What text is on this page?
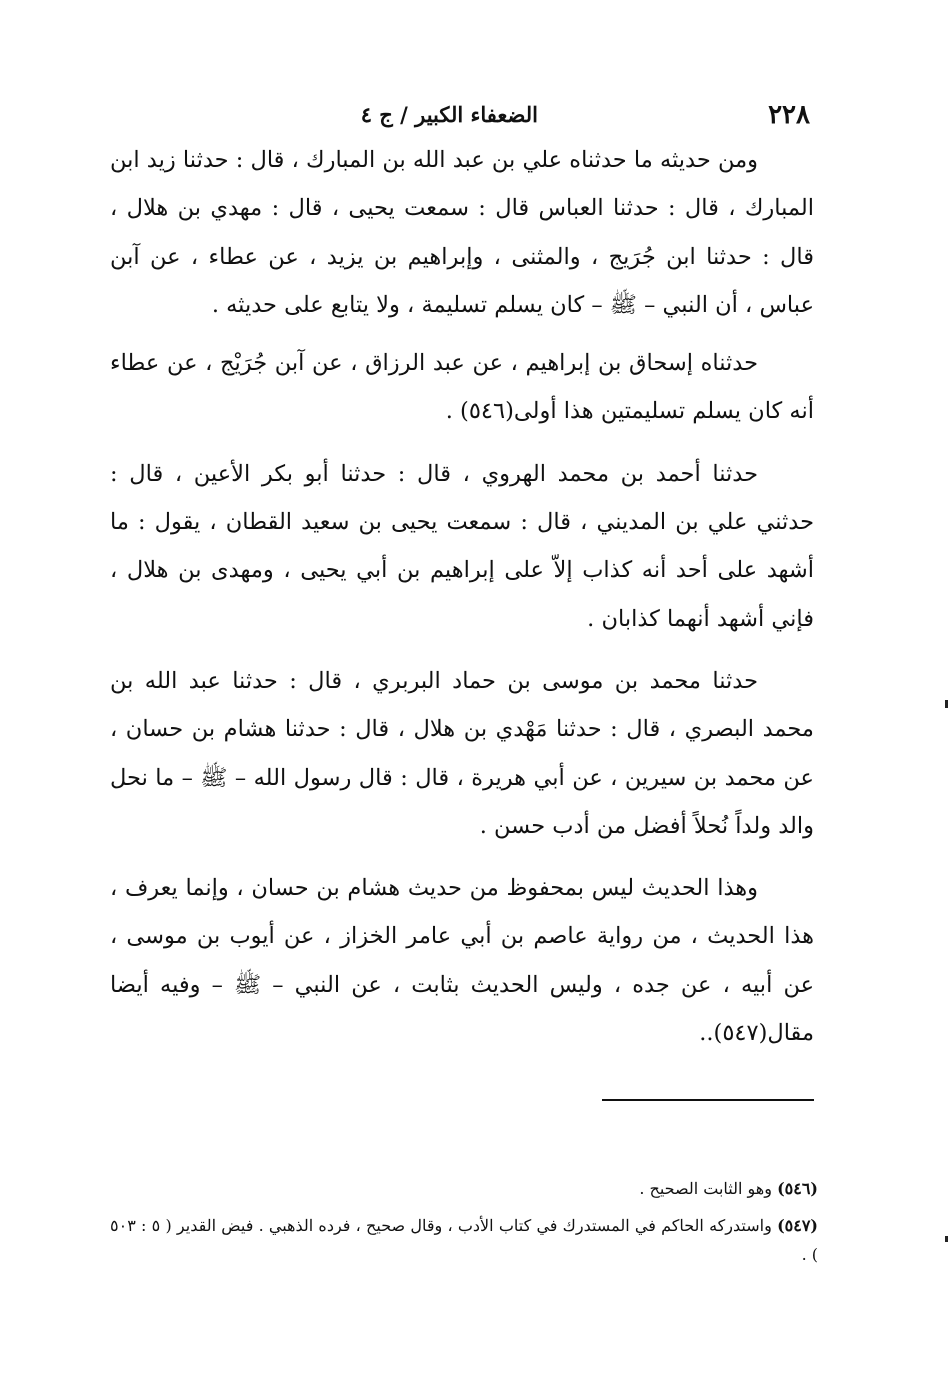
٢٢٨
الضعفاء الكبير / ج ٤

ومن حديثه ما حدثناه علي بن عبد الله بن المبارك ، قال : حدثنا زيد ابن المبارك ، قال : حدثنا العباس قال : سمعت يحيى ، قال : مهدي بن هلال ، قال : حدثنا ابن جُرَيج ، والمثنى ، وإبراهيم بن يزيد ، عن عطاء ، عن آبن عباس ، أن النبي – ﷺ – كان يسلم تسليمة ، ولا يتابع على حديثه .

حدثناه إسحاق بن إبراهيم ، عن عبد الرزاق ، عن آبن جُرَيْج ، عن عطاء أنه كان يسلم تسليمتين هذا أولى(٥٤٦) .

حدثنا أحمد بن محمد الهروي ، قال : حدثنا أبو بكر الأعين ، قال : حدثني علي بن المديني ، قال : سمعت يحيى بن سعيد القطان ، يقول : ما أشهد على أحد أنه كذاب إلاّ على إبراهيم بن أبي يحيى ، ومهدى بن هلال ، فإني أشهد أنهما كذابان .

حدثنا محمد بن موسى بن حماد البربري ، قال : حدثنا عبد الله بن محمد البصري ، قال : حدثنا مَهْدي بن هلال ، قال : حدثنا هشام بن حسان ، عن محمد بن سيرين ، عن أبي هريرة ، قال : قال رسول الله – ﷺ – ما نحل والد ولداً نُحلاً أفضل من أدب حسن .

وهذا الحديث ليس بمحفوظ من حديث هشام بن حسان ، وإنما يعرف ، هذا الحديث ، من رواية عاصم بن أبي عامر الخزاز ، عن أيوب بن موسى ، عن أبيه ، عن جده ، وليس الحديث بثابت ، عن النبي – ﷺ – وفيه أيضا مقال(٥٤٧)..

(٥٤٦) وهو الثابت الصحيح .

(٥٤٧) واستدركه الحاكم في المستدرك في كتاب الأدب ، وقال صحيح ، فرده الذهبي . فيض القدير ( ٥ : ٥٠٣ ) .
